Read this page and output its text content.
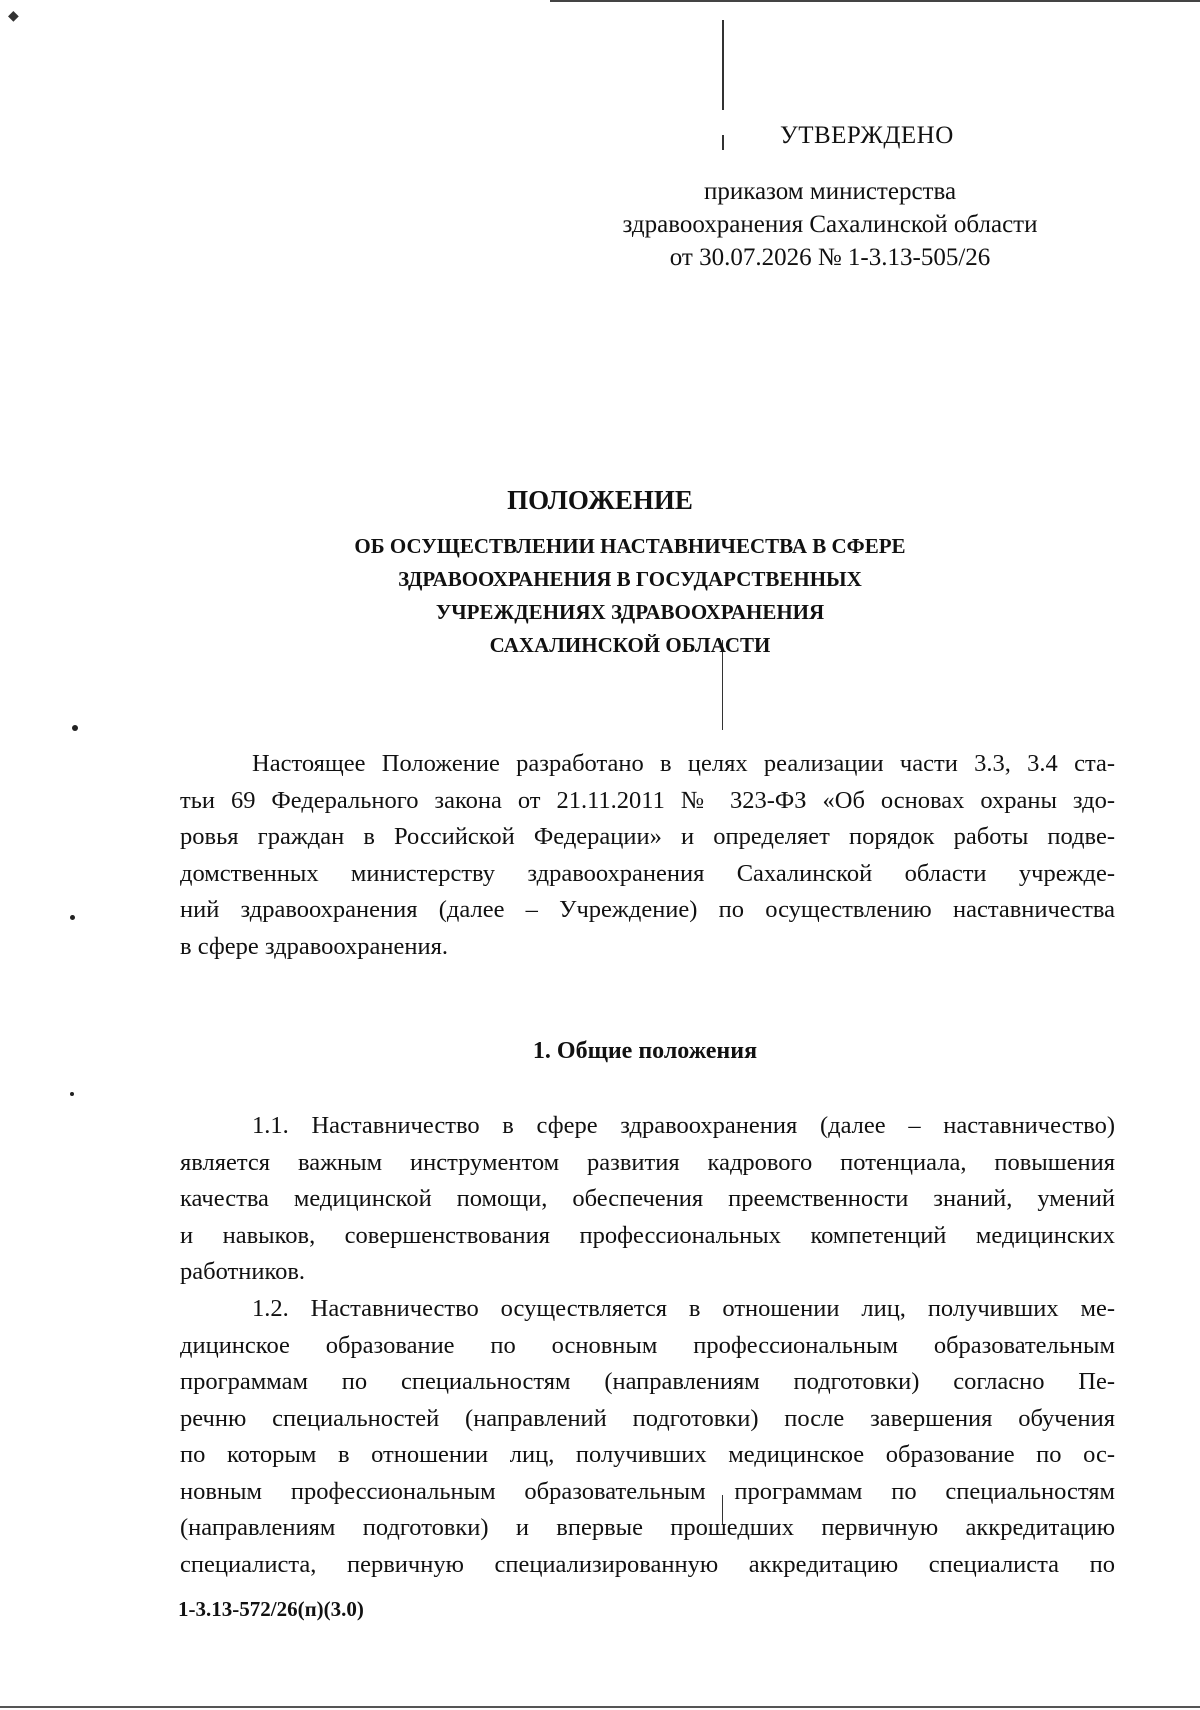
◆
УТВЕРЖДЕНО
приказом министерства
здравоохранения Сахалинской области
от 30.07.2026 № 1-3.13-505/26
ПОЛОЖЕНИЕ
ОБ ОСУЩЕСТВЛЕНИИ НАСТАВНИЧЕСТВА В СФЕРЕ
ЗДРАВООХРАНЕНИЯ В ГОСУДАРСТВЕННЫХ
УЧРЕЖДЕНИЯХ ЗДРАВООХРАНЕНИЯ
САХАЛИНСКОЙ ОБЛАСТИ
Настоящее Положение разработано в целях реализации части 3.3, 3.4 ста-
тьи 69 Федерального закона от 21.11.2011 № 323-ФЗ «Об основах охраны здо-
ровья граждан в Российской Федерации» и определяет порядок работы подве-
домственных министерству здравоохранения Сахалинской области учрежде-
ний здравоохранения (далее – Учреждение) по осуществлению наставничества
в сфере здравоохранения.
1. Общие положения
1.1. Наставничество в сфере здравоохранения (далее – наставничество)
является важным инструментом развития кадрового потенциала, повышения
качества медицинской помощи, обеспечения преемственности знаний, умений
и навыков, совершенствования профессиональных компетенций медицинских
работников.
1.2. Наставничество осуществляется в отношении лиц, получивших ме-
дицинское образование по основным профессиональным образовательным
программам по специальностям (направлениям подготовки) согласно Пе-
речню специальностей (направлений подготовки) после завершения обучения
по которым в отношении лиц, получивших медицинское образование по ос-
новным профессиональным образовательным программам по специальностям
(направлениям подготовки) и впервые прошедших первичную аккредитацию
специалиста, первичную специализированную аккредитацию специалиста по
1-3.13-572/26(п)(3.0)
